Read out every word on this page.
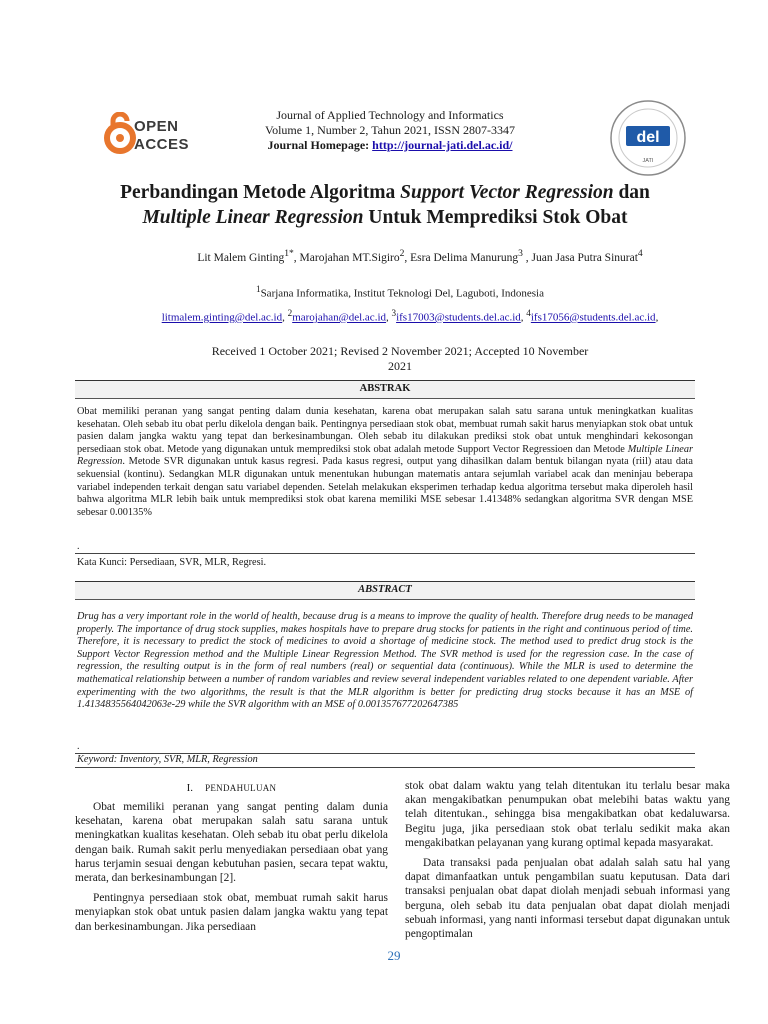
OPEN
ACCES
Journal of Applied Technology and Informatics
Volume 1, Number 2, Tahun 2021, ISSN 2807-3347
Journal Homepage: http://journal-jati.del.ac.id/	del
JATI
Perbandingan Metode Algoritma Support Vector Regression dan
Multiple Linear Regression Untuk Memprediksi Stok Obat
Lit Malem Ginting$^{1*}$, Marojahan MT.Sigiro$^2$, Esra Delima Manurung$^3$ , Juan Jasa Putra Sinurat$^4$
$^1$Sarjana Informatika, Institut Teknologi Del, Laguboti, Indonesia
litmalem.ginting@del.ac.id, $^2$marojahan@del.ac.id, $^3$ifs17003@students.del.ac.id, $^4$ifs17056@students.del.ac.id,
Received 1 October 2021; Revised 2 November 2021; Accepted 10 November
2021
ABSTRAK
Obat memiliki peranan yang sangat penting dalam dunia kesehatan, karena obat merupakan salah satu sarana untuk meningkatkan kualitas kesehatan. Oleh sebab itu obat perlu dikelola dengan baik. Pentingnya persediaan stok obat, membuat rumah sakit harus menyiapkan stok obat untuk pasien dalam jangka waktu yang tepat dan berkesinambungan. Oleh sebab itu dilakukan prediksi stok obat untuk menghindari kekosongan persediaan stok obat. Metode yang digunakan untuk memprediksi stok obat adalah metode Support Vector Regressioen dan Metode Multiple Linear Regression. Metode SVR digunakan untuk kasus regresi. Pada kasus regresi, output yang dihasilkan dalam bentuk bilangan nyata (riil) atau data sekuensial (kontinu). Sedangkan MLR digunakan untuk menentukan hubungan matematis antara sejumlah variabel acak dan meninjau beberapa variabel independen terkait dengan satu variabel dependen. Setelah melakukan eksperimen terhadap kedua algoritma tersebut maka diperoleh hasil bahwa algoritma MLR lebih baik untuk memprediksi stok obat karena memiliki MSE sebesar 1.41348% sedangkan algoritma SVR dengan MSE sebesar 0.00135%
.
Kata Kunci: Persediaan, SVR, MLR, Regresi.
ABSTRACT
Drug has a very important role in the world of health, because drug is a means to improve the quality of health. Therefore drug needs to be managed properly. The importance of drug stock supplies, makes hospitals have to prepare drug stocks for patients in the right and continuous period of time. Therefore, it is necessary to predict the stock of medicines to avoid a shortage of medicine stock. The method used to predict drug stock is the Support Vector Regression method and the Multiple Linear Regression Method. The SVR method is used for the regression case. In the case of regression, the resulting output is in the form of real numbers (real) or sequential data (continuous). While the MLR is used to determine the mathematical relationship between a number of random variables and review several independent variables related to one dependent variable. After experimenting with the two algorithms, the result is that the MLR algorithm is better for predicting drug stocks because it has an MSE of 1.4134835564042063e-29 while the SVR algorithm with an MSE of 0.001357677202647385
.
Keyword: Inventory, SVR, MLR, Regression
I. PENDAHULUAN

Obat memiliki peranan yang sangat penting dalam dunia kesehatan, karena obat merupakan salah satu sarana untuk meningkatkan kualitas kesehatan. Oleh sebab itu obat perlu dikelola dengan baik. Rumah sakit perlu menyediakan persediaan obat yang harus terjamin sesuai dengan kebutuhan pasien, secara tepat waktu, merata, dan berkesinambungan [2].

Pentingnya persediaan stok obat, membuat rumah sakit harus menyiapkan stok obat untuk pasien dalam jangka waktu yang tepat dan berkesinambungan. Jika persediaan

stok obat dalam waktu yang telah ditentukan itu terlalu besar maka akan mengakibatkan penumpukan obat melebihi batas waktu yang telah ditentukan., sehingga bisa mengakibatkan obat kedaluwarsa. Begitu juga, jika persediaan stok obat terlalu sedikit maka akan mengakibatkan pelayanan yang kurang optimal kepada masyarakat.

Data transaksi pada penjualan obat adalah salah satu hal yang dapat dimanfaatkan untuk pengambilan suatu keputusan. Data dari transaksi penjualan obat dapat diolah menjadi sebuah informasi yang berguna, oleh sebab itu data penjualan obat dapat diolah menjadi sebuah informasi, yang nanti informasi tersebut dapat digunakan untuk pengoptimalan

29
